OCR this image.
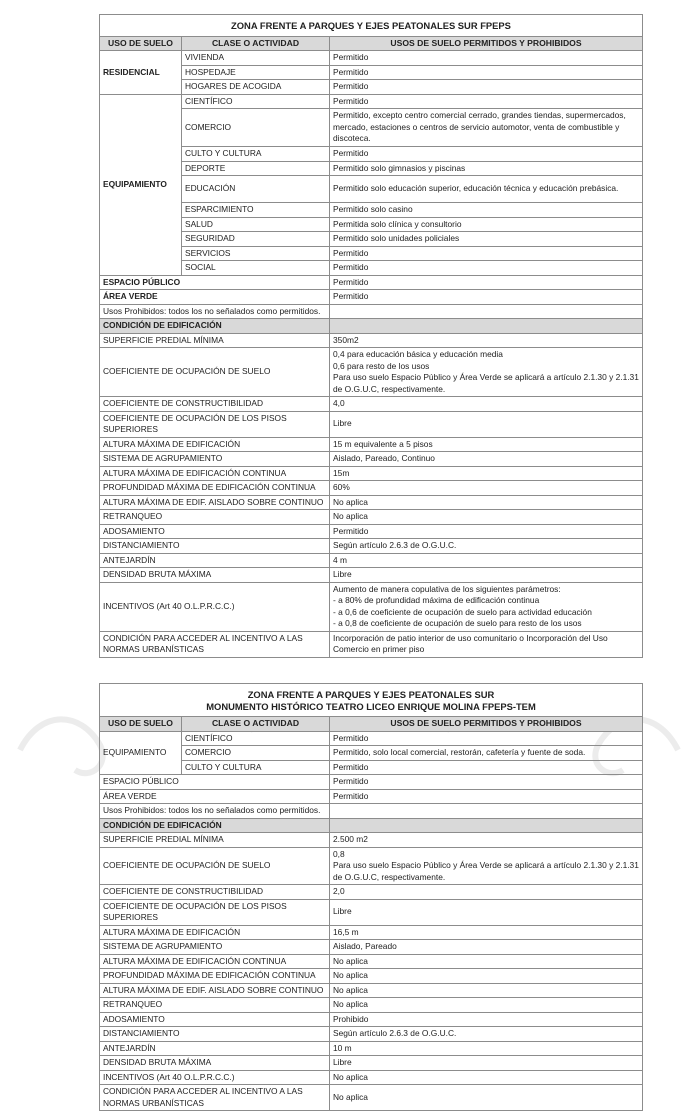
ZONA FRENTE A PARQUES Y EJES PEATONALES SUR FPEPS		
USO DE SUELO	CLASE O ACTIVIDAD	USOS DE SUELO PERMITIDOS Y PROHIBIDOS
RESIDENCIAL	VIVIENDA	Permitido
	HOSPEDAJE	Permitido
	HOGARES DE ACOGIDA	Permitido
EQUIPAMIENTO	CIENTÍFICO	Permitido
	COMERCIO	Permitido, excepto centro comercial cerrado, grandes tiendas, supermercados, mercado, estaciones o centros de servicio automotor, venta de combustible y discoteca.
	CULTO Y CULTURA	Permitido
	DEPORTE	Permitido solo gimnasios y piscinas
	EDUCACIÓN	Permitido solo educación superior, educación técnica y educación prebásica.
	ESPARCIMIENTO	Permitido solo casino
	SALUD	Permitida solo clínica y consultorio
	SEGURIDAD	Permitido solo unidades policiales
	SERVICIOS	Permitido
	SOCIAL	Permitido
ESPACIO PÚBLICO		Permitido
ÁREA VERDE		Permitido
Usos Prohibidos: todos los no señalados como permitidos.		
CONDICIÓN DE EDIFICACIÓN		
SUPERFICIE PREDIAL MÍNIMA		350m2
COEFICIENTE DE OCUPACIÓN DE SUELO		0,4 para educación básica y educación media
0,6 para resto de los usos
Para uso suelo Espacio Público y Área Verde se aplicará a artículo 2.1.30 y 2.1.31 de O.G.U.C, respectivamente.
COEFICIENTE DE CONSTRUCTIBILIDAD		4,0
COEFICIENTE DE OCUPACIÓN DE LOS PISOS SUPERIORES		Libre
ALTURA MÁXIMA DE EDIFICACIÓN		15 m equivalente a 5 pisos
SISTEMA DE AGRUPAMIENTO		Aislado, Pareado, Continuo
ALTURA MÁXIMA DE EDIFICACIÓN CONTINUA		15m
PROFUNDIDAD MÁXIMA DE EDIFICACIÓN CONTINUA		60%
ALTURA MÁXIMA DE EDIF. AISLADO SOBRE CONTINUO		No aplica
RETRANQUEO		No aplica
ADOSAMIENTO		Permitido
DISTANCIAMIENTO		Según artículo 2.6.3 de O.G.U.C.
ANTEJARDÍN		4 m
DENSIDAD BRUTA MÁXIMA		Libre
INCENTIVOS (Art 40 O.L.P.R.C.C.)		Aumento de manera copulativa de los siguientes parámetros:
- a 80% de profundidad máxima de edificación continua
- a 0,6 de coeficiente de ocupación de suelo para actividad educación
- a 0,8 de coeficiente de ocupación de suelo para resto de los usos
CONDICIÓN PARA ACCEDER AL INCENTIVO A LAS NORMAS URBANÍSTICAS		Incorporación de patio interior de uso comunitario o Incorporación del Uso Comercio en primer piso
ZONA FRENTE A PARQUES Y EJES PEATONALES SUR
MONUMENTO HISTÓRICO TEATRO LICEO ENRIQUE MOLINA FPEPS-TEM		

USO DE SUELO	CLASE O ACTIVIDAD	USOS DE SUELO PERMITIDOS Y PROHIBIDOS
EQUIPAMIENTO	CIENTÍFICO	Permitido
	COMERCIO	Permitido, solo local comercial, restorán, cafetería y fuente de soda.
	CULTO Y CULTURA	Permitido
ESPACIO PÚBLICO		Permitido
ÁREA VERDE		Permitido
Usos Prohibidos: todos los no señalados como permitidos.		
CONDICIÓN DE EDIFICACIÓN		
SUPERFICIE PREDIAL MÍNIMA		2.500 m2
COEFICIENTE DE OCUPACIÓN DE SUELO		0,8
Para uso suelo Espacio Público y Área Verde se aplicará a artículo 2.1.30 y 2.1.31 de O.G.U.C, respectivamente.
COEFICIENTE DE CONSTRUCTIBILIDAD		2,0
COEFICIENTE DE OCUPACIÓN DE LOS PISOS SUPERIORES		Libre
ALTURA MÁXIMA DE EDIFICACIÓN		16,5 m
SISTEMA DE AGRUPAMIENTO		Aislado, Pareado
ALTURA MÁXIMA DE EDIFICACIÓN CONTINUA		No aplica
PROFUNDIDAD MÁXIMA DE EDIFICACIÓN CONTINUA		No aplica
ALTURA MÁXIMA DE EDIF. AISLADO SOBRE CONTINUO		No aplica
RETRANQUEO		No aplica
ADOSAMIENTO		Prohibido
DISTANCIAMIENTO		Según artículo 2.6.3 de O.G.U.C.
ANTEJARDÍN		10 m
DENSIDAD BRUTA MÁXIMA		Libre
INCENTIVOS (Art 40 O.L.P.R.C.C.)		No aplica
CONDICIÓN PARA ACCEDER AL INCENTIVO A LAS NORMAS URBANÍSTICAS		No aplica
